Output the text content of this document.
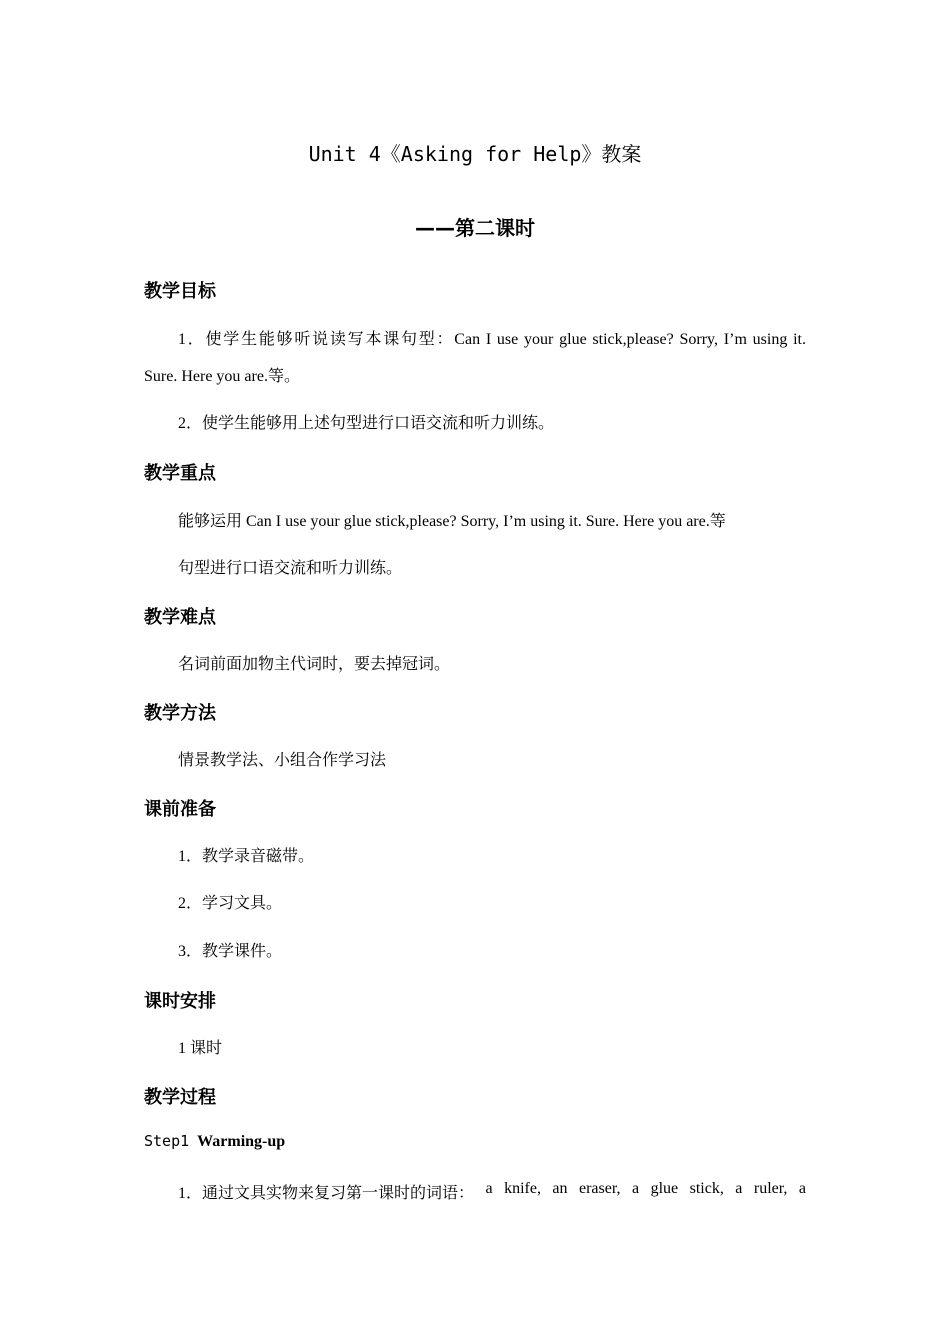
Unit 4《Asking for Help》教案
——第二课时
教学目标
1．使学生能够听说读写本课句型：Can I use your glue stick,please? Sorry, I’m using it.
Sure. Here you are.等。
2．使学生能够用上述句型进行口语交流和听力训练。
教学重点
能够运用 Can I use your glue stick,please? Sorry, I’m using it. Sure. Here you are.等
句型进行口语交流和听力训练。
教学难点
名词前面加物主代词时，要去掉冠词。
教学方法
情景教学法、小组合作学习法
课前准备
1．教学录音磁带。
2．学习文具。
3．教学课件。
课时安排
1 课时
教学过程
Step1 Warming-up
1．通过文具实物来复习第一课时的词语： a knife, an eraser, a glue stick, a ruler, a
